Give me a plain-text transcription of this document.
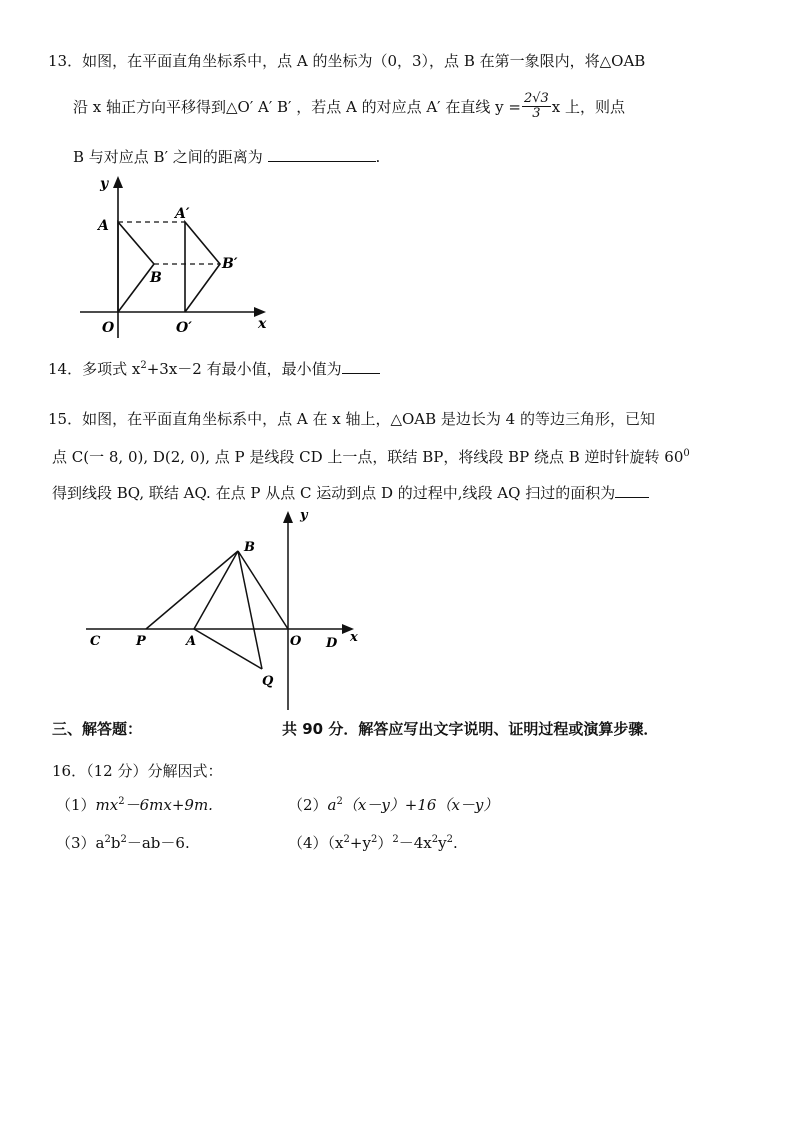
13．如图，在平面直角坐标系中，点 A 的坐标为（0，3），点 B 在第一象限内，将△OAB
沿 x 轴正方向平移得到△O′ A′ B′ ，若点 A 的对应点 A′ 在直线 $y = \frac{2√3}{3}$ x 上，则点
B 与对应点 B′ 之间的距离为	.
y
x
A
A′
B
B′
O	O′
14．多项式 $x^2+3x-2$ 有最小值，最小值为
15．如图，在平面直角坐标系中，点 A 在 x 轴上，△OAB 是边长为 4 的等边三角形，已知
点 C(一 8, 0), D(2, 0), 点 P 是线段 CD 上一点，联结 BP，将线段 BP 绕点 B 逆时针旋转 $60^0$
得到线段 BQ, 联结 AQ. 在点 P 从点 C 运动到点 D 的过程中,线段 AQ 扫过的面积为
y
x
B
C	P	A	O D
Q
三、解答题：	共 90 分．解答应写出文字说明、证明过程或演算步骤．
16．（12 分）分解因式：
$(1)mx^2-6mx+9m$.	$(2)a^2(x-y)+16(x-y)$
$(3)a^2b^2-ab-6$.	$(4)(x^2+y^2)^2-4x^2y^2$.
